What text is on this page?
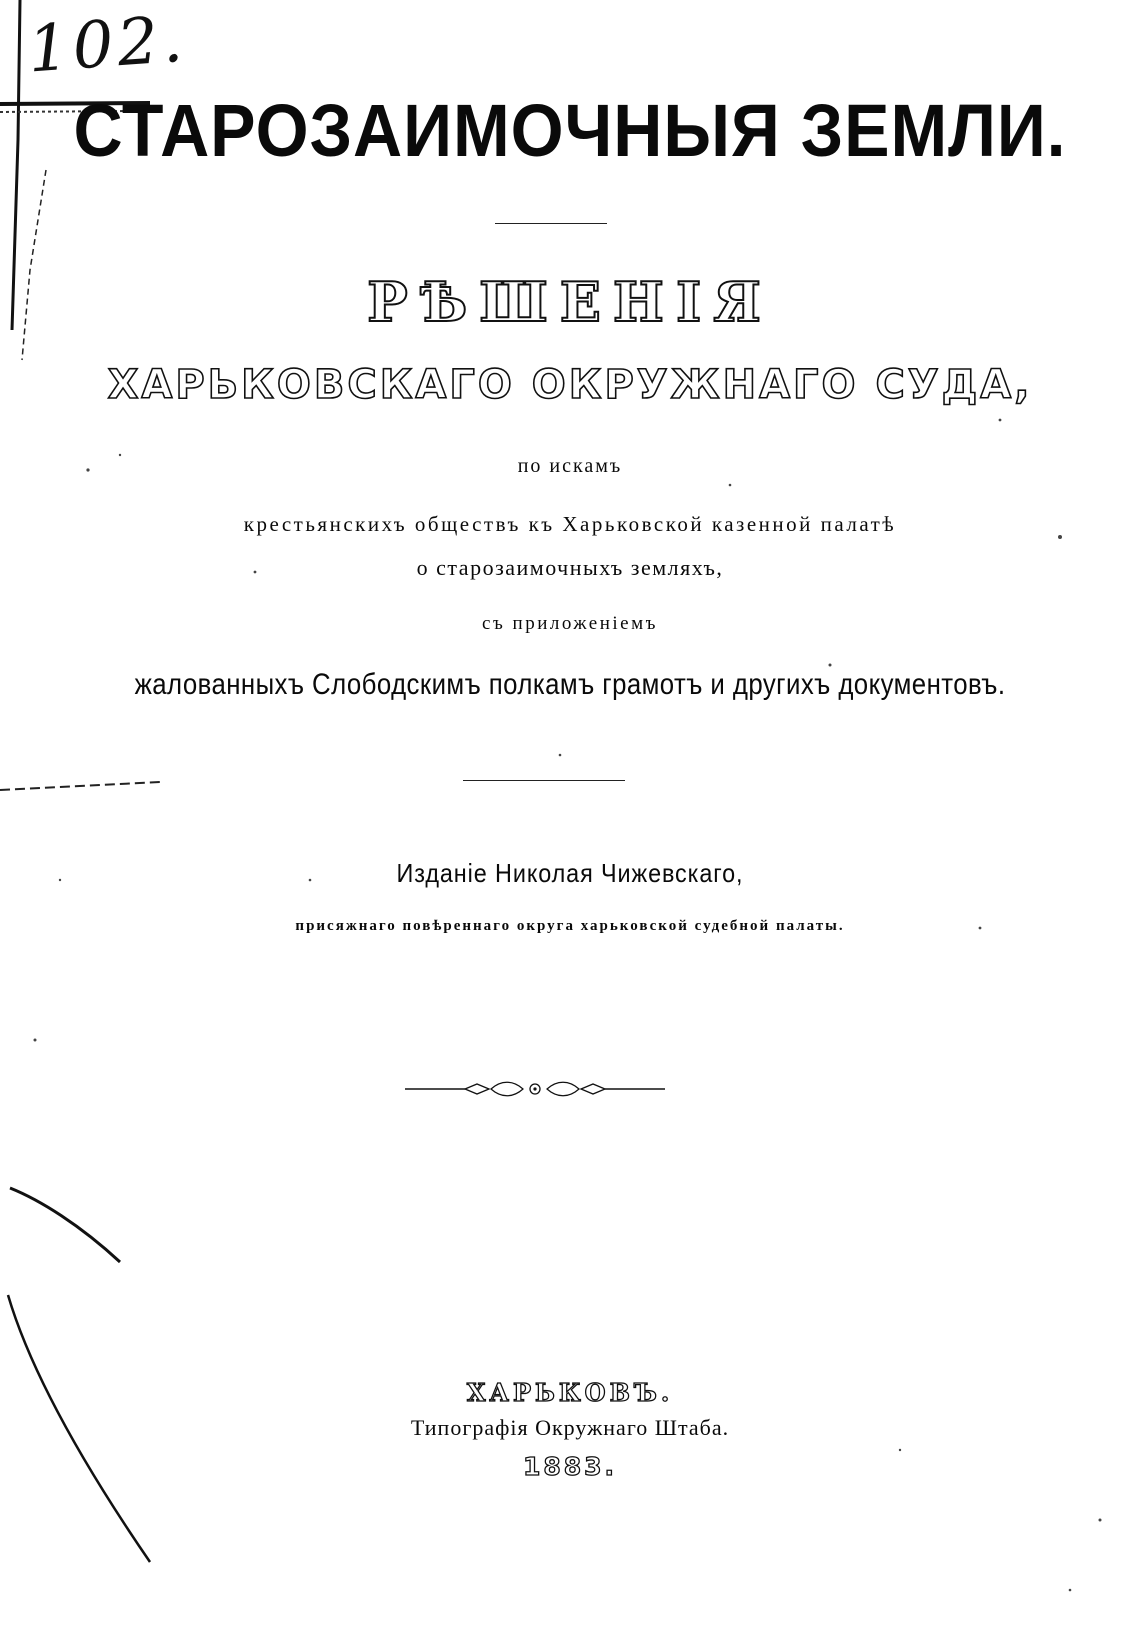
102.
СТАРОЗАИМОЧНЫЯ ЗЕМЛИ.
РѢШЕНІЯ
ХАРЬКОВСКАГО ОКРУЖНАГО СУДА,
по искамъ
крестьянскихъ обществъ къ Харьковской казенной палатѣ
о старозаимочныхъ земляхъ,
съ приложеніемъ
жалованныхъ Слободскимъ полкамъ грамотъ и другихъ документовъ.
Изданіе Николая Чижевскаго,
присяжнаго повѣреннаго округа харьковской судебной палаты.
ХАРЬКОВЪ.
Типографія Окружнаго Штаба.
1883.
